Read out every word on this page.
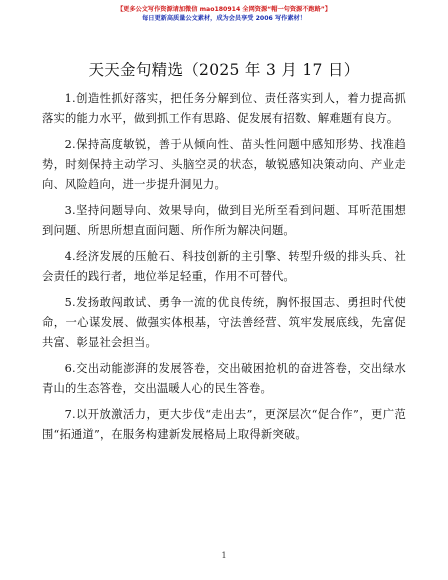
【更多公文写作资源请加微信 mao180914 全网资源“帽一句资源不跑路”】
每日更新高质量公文素材，成为会员享受 2006 写作素材！
天天金句精选（2025 年 3 月 17 日）

1.创造性抓好落实，把任务分解到位、责任落实到人，着力提高抓落实的能力水平，做到抓工作有思路、促发展有招数、解难题有良方。

2.保持高度敏锐，善于从倾向性、苗头性问题中感知形势、找准趋势，时刻保持主动学习、头脑空灵的状态，敏锐感知决策动向、产业走向、风险趋向，进一步提升洞见力。

3.坚持问题导向、效果导向，做到目光所至看到问题、耳听范围想到问题、所思所想直面问题、所作所为解决问题。

4.经济发展的压舱石、科技创新的主引擎、转型升级的排头兵、社会责任的践行者，地位举足轻重，作用不可替代。

5.发扬敢闯敢试、勇争一流的优良传统，胸怀报国志、勇担时代使命，一心谋发展、做强实体根基，守法善经营、筑牢发展底线，先富促共富、彰显社会担当。

6.交出动能澎湃的发展答卷，交出破困抢机的奋进答卷，交出绿水青山的生态答卷，交出温暖人心的民生答卷。

7.以开放激活力，更大步伐“走出去”，更深层次“促合作”，更广范围“拓通道”，在服务构建新发展格局上取得新突破。

1
